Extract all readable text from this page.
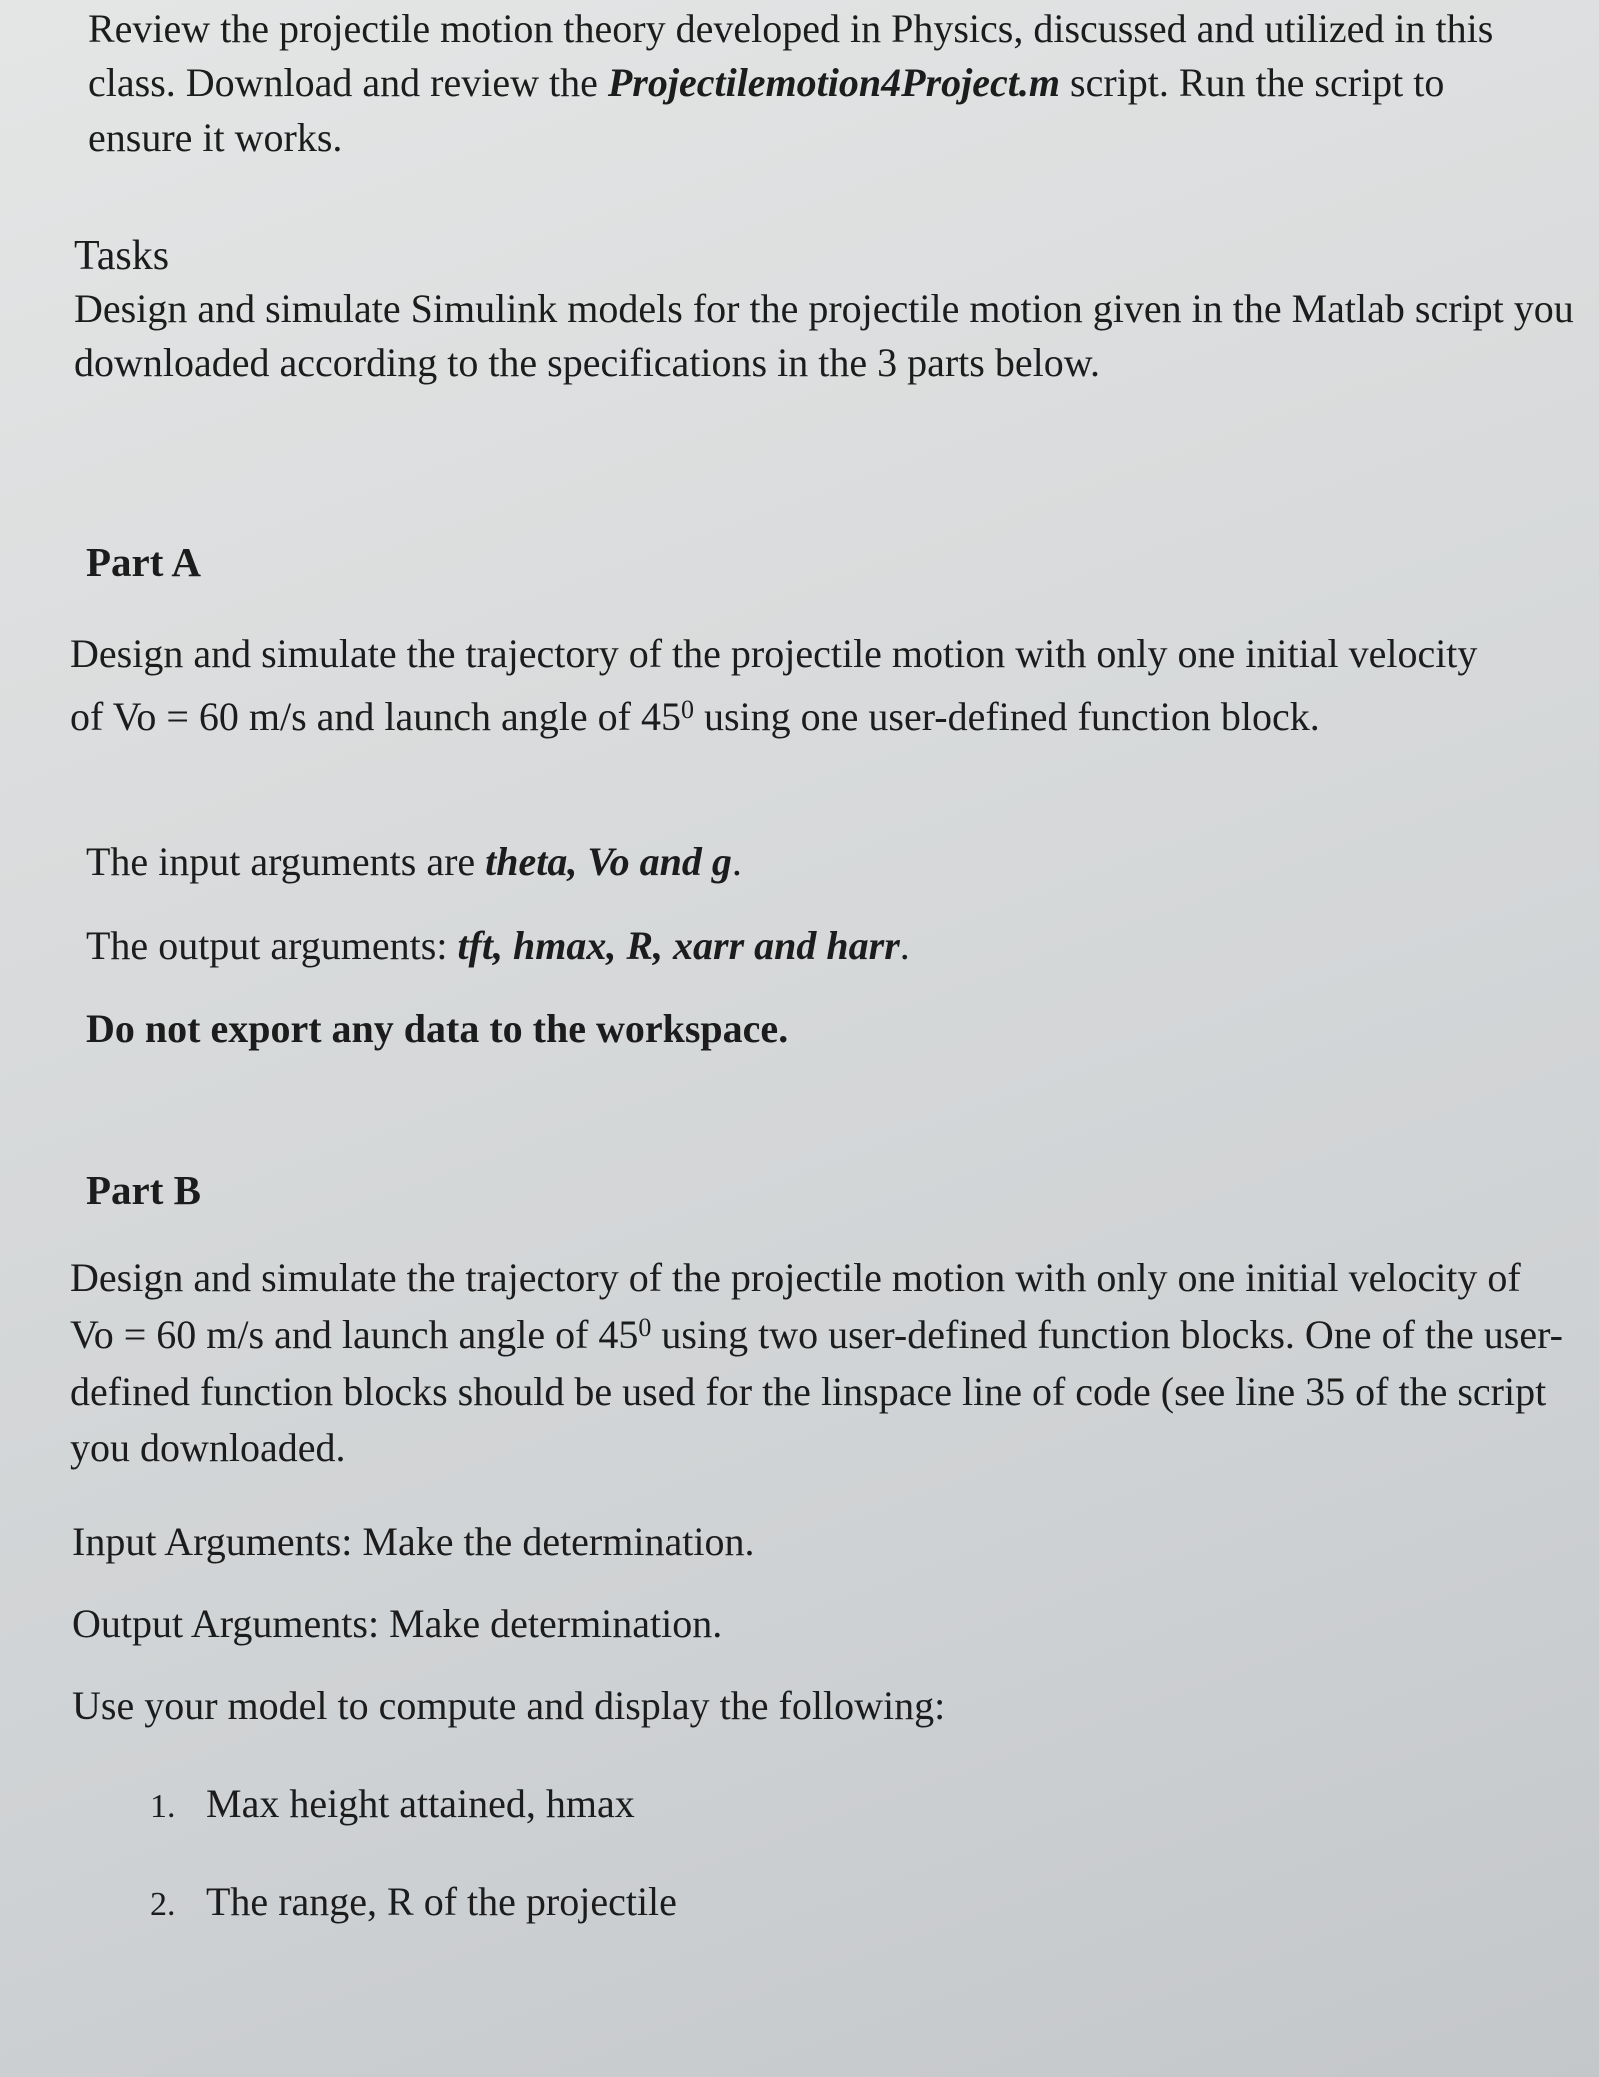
Review the projectile motion theory developed in Physics, discussed and utilized in this class. Download and review the Projectilemotion4Project.m script. Run the script to ensure it works.
Tasks
Design and simulate Simulink models for the projectile motion given in the Matlab script you downloaded according to the specifications in the 3 parts below.
Part A
Design and simulate the trajectory of the projectile motion with only one initial velocity of Vo = 60 m/s and launch angle of $45^0$ using one user-defined function block.
The input arguments are theta, Vo and g.
The output arguments: tft, hmax, R, xarr and harr.
Do not export any data to the workspace.
Part B
Design and simulate the trajectory of the projectile motion with only one initial velocity of Vo = 60 m/s and launch angle of $45^0$ using two user-defined function blocks. One of the user-defined function blocks should be used for the linspace line of code (see line 35 of the script you downloaded.
Input Arguments: Make the determination.
Output Arguments: Make determination.
Use your model to compute and display the following:
1. Max height attained, hmax
2. The range, R of the projectile
